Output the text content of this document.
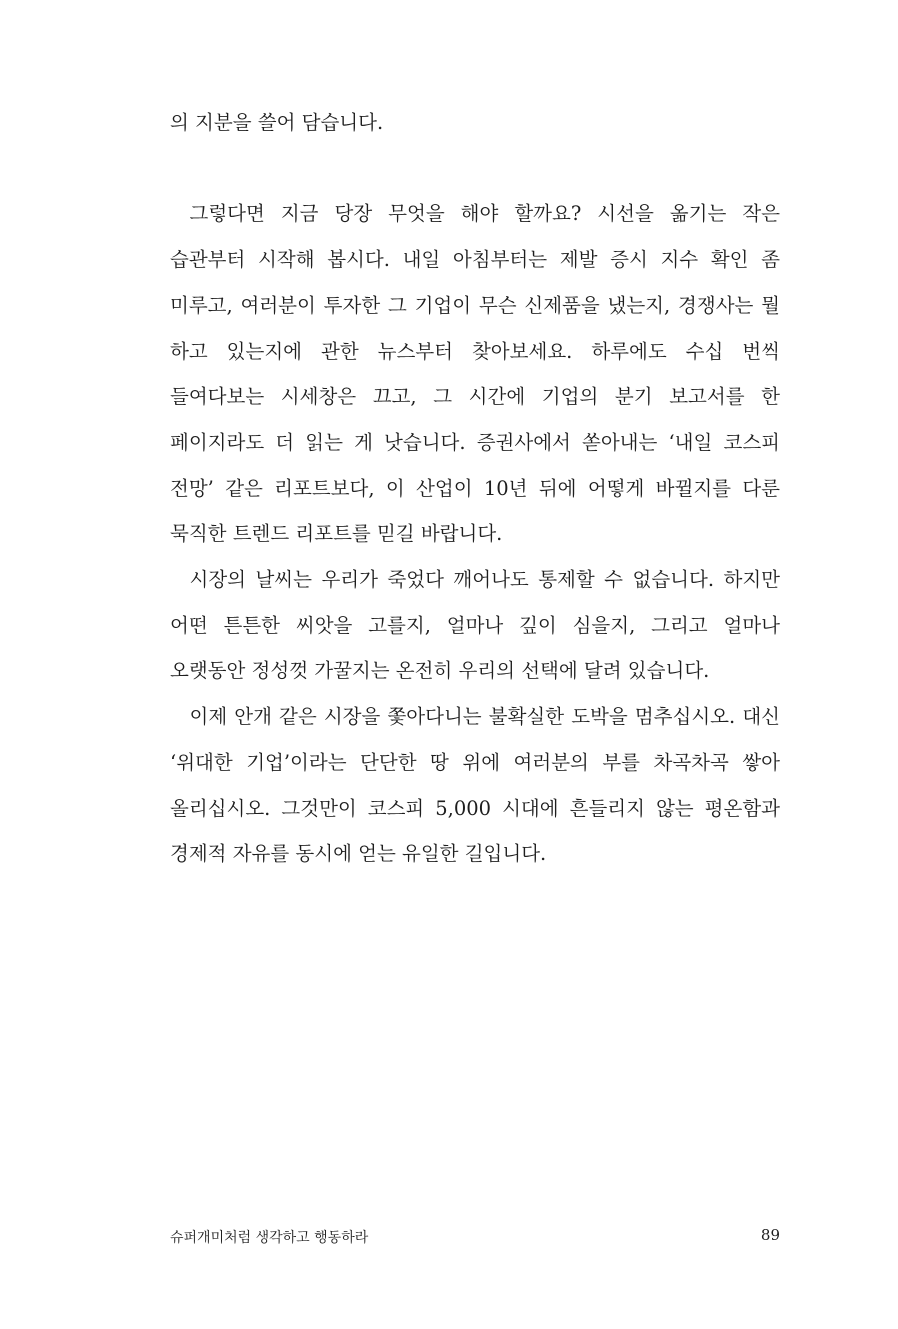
의 지분을 쓸어 담습니다.

그렇다면 지금 당장 무엇을 해야 할까요? 시선을 옮기는 작은 습관부터 시작해 봅시다. 내일 아침부터는 제발 증시 지수 확인 좀 미루고, 여러분이 투자한 그 기업이 무슨 신제품을 냈는지, 경쟁사는 뭘 하고 있는지에 관한 뉴스부터 찾아보세요. 하루에도 수십 번씩 들여다보는 시세창은 끄고, 그 시간에 기업의 분기 보고서를 한 페이지라도 더 읽는 게 낫습니다. 증권사에서 쏟아내는 ‘내일 코스피 전망’ 같은 리포트보다, 이 산업이 10년 뒤에 어떻게 바뀔지를 다룬 묵직한 트렌드 리포트를 믿길 바랍니다.

시장의 날씨는 우리가 죽었다 깨어나도 통제할 수 없습니다. 하지만 어떤 튼튼한 씨앗을 고를지, 얼마나 깊이 심을지, 그리고 얼마나 오랫동안 정성껏 가꿀지는 온전히 우리의 선택에 달려 있습니다.

이제 안개 같은 시장을 쫓아다니는 불확실한 도박을 멈추십시오. 대신 ‘위대한 기업’이라는 단단한 땅 위에 여러분의 부를 차곡차곡 쌓아 올리십시오. 그것만이 코스피 5,000 시대에 흔들리지 않는 평온함과 경제적 자유를 동시에 얻는 유일한 길입니다.

슈퍼개미처럼 생각하고 행동하라	89
